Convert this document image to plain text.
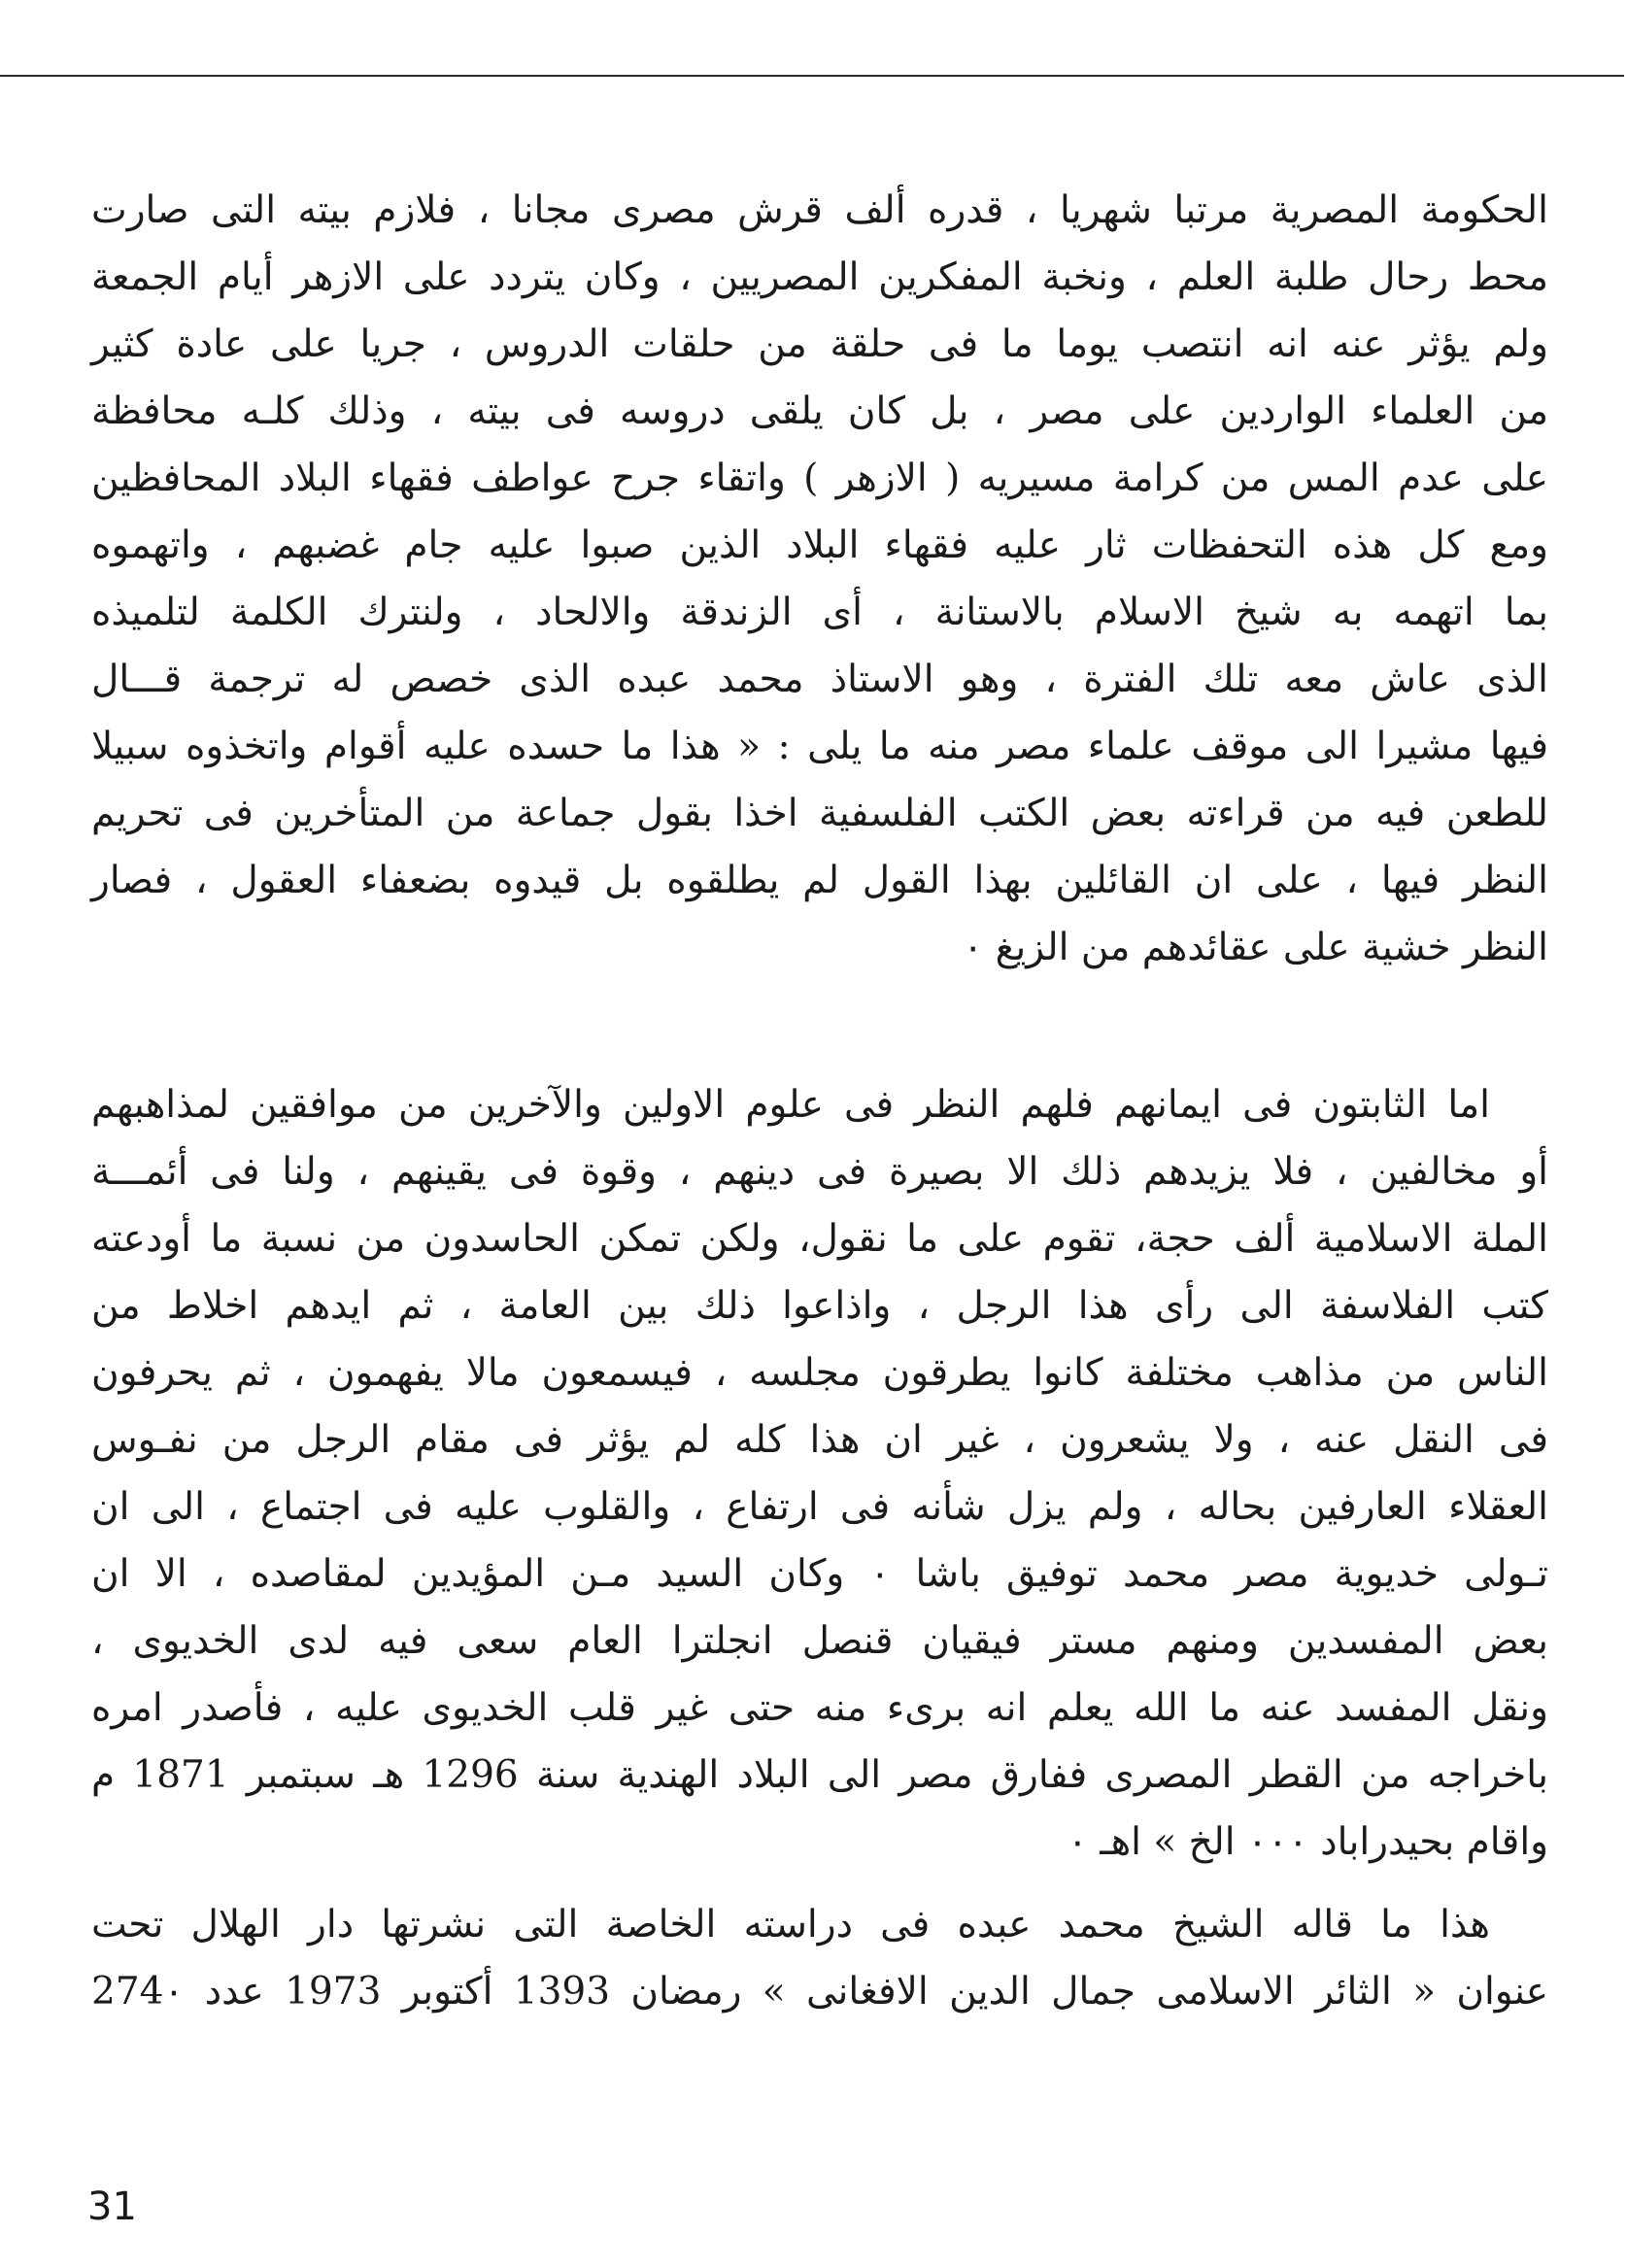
الحكومة المصرية مرتبا شهريا ، قدره ألف قرش مصرى مجانا ، فلازم بيته التى صارت
محط رحال طلبة العلم ، ونخبة المفكرين المصريين ، وكان يتردد على الازهر أيام الجمعة
ولم يؤثر عنه انه انتصب يوما ما فى حلقة من حلقات الدروس ، جريا على عادة كثير
من العلماء الواردين على مصر ، بل كان يلقى دروسه فى بيته ، وذلك كلـه محافظة
على عدم المس من كرامة مسيريه ( الازهر ) واتقاء جرح عواطف فقهاء البلاد المحافظين
ومع كل هذه التحفظات ثار عليه فقهاء البلاد الذين صبوا عليه جام غضبهم ، واتهموه
بما اتهمه به شيخ الاسلام بالاستانة ، أى الزندقة والالحاد ، ولنترك الكلمة لتلميذه
الذى عاش معه تلك الفترة ، وهو الاستاذ محمد عبده الذى خصص له ترجمة قـــال
فيها مشيرا الى موقف علماء مصر منه ما يلى : « هذا ما حسده عليه أقوام واتخذوه سبيلا
للطعن فيه من قراءته بعض الكتب الفلسفية اخذا بقول جماعة من المتأخرين فى تحريم
النظر فيها ، على ان القائلين بهذا القول لم يطلقوه بل قيدوه بضعفاء العقول ، فصار
النظر خشية على عقائدهم من الزيغ ٠
اما الثابتون فى ايمانهم فلهم النظر فى علوم الاولين والآخرين من موافقين لمذاهبهم
أو مخالفين ، فلا يزيدهم ذلك الا بصيرة فى دينهم ، وقوة فى يقينهم ، ولنا فى أئمـــة
الملة الاسلامية ألف حجة، تقوم على ما نقول، ولكن تمكن الحاسدون من نسبة ما أودعته
كتب الفلاسفة الى رأى هذا الرجل ، واذاعوا ذلك بين العامة ، ثم ايدهم اخلاط من
الناس من مذاهب مختلفة كانوا يطرقون مجلسه ، فيسمعون مالا يفهمون ، ثم يحرفون
فى النقل عنه ، ولا يشعرون ، غير ان هذا كله لم يؤثر فى مقام الرجل من نفـوس
العقلاء العارفين بحاله ، ولم يزل شأنه فى ارتفاع ، والقلوب عليه فى اجتماع ، الى ان
تـولى خديوية مصر محمد توفيق باشا ٠ وكان السيد مـن المؤيدين لمقاصده ، الا ان
بعض المفسدين ومنهم مستر فيقيان قنصل انجلترا العام سعى فيه لدى الخديوى ،
ونقل المفسد عنه ما الله يعلم انه برىء منه حتى غير قلب الخديوى عليه ، فأصدر امره
باخراجه من القطر المصرى ففارق مصر الى البلاد الهندية سنة 1296 هـ سبتمبر 1871 م
واقام بحيدراباد ٠٠٠ الخ » اهـ ٠
هذا ما قاله الشيخ محمد عبده فى دراسته الخاصة التى نشرتها دار الهلال تحت
عنوان « الثائر الاسلامى جمال الدين الافغانى » رمضان 1393 أكتوبر 1973 عدد 274٠
31
